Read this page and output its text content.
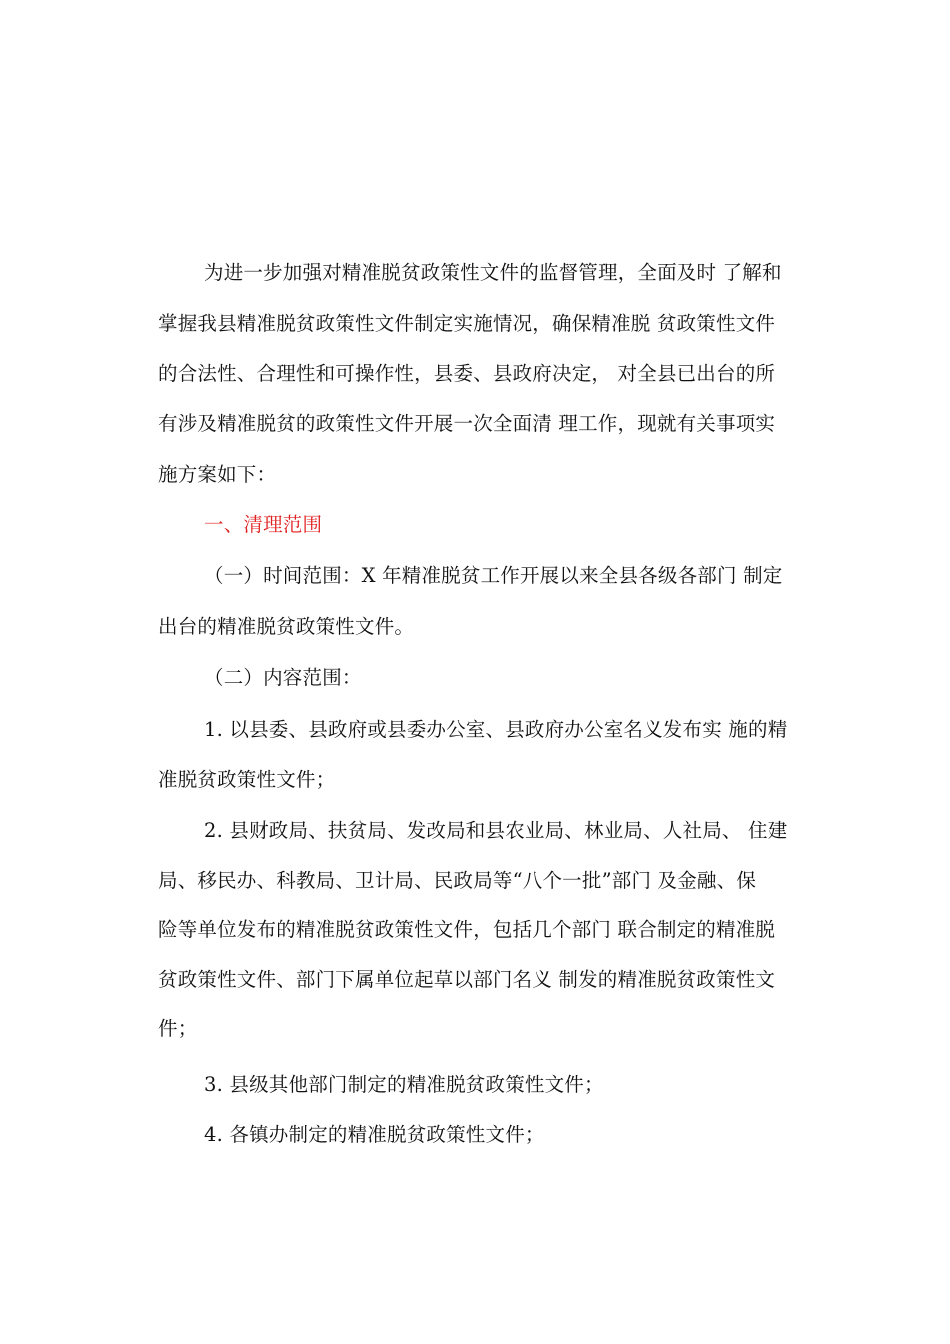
为进一步加强对精准脱贫政策性文件的监督管理，全面及时 了解和
掌握我县精准脱贫政策性文件制定实施情况，确保精准脱 贫政策性文件
的合法性、合理性和可操作性，县委、县政府决定， 对全县已出台的所
有涉及精准脱贫的政策性文件开展一次全面清 理工作，现就有关事项实
施方案如下：
一、清理范围
（一）时间范围：X 年精准脱贫工作开展以来全县各级各部门 制定
出台的精准脱贫政策性文件。
（二）内容范围：
1. 以县委、县政府或县委办公室、县政府办公室名义发布实 施的精
准脱贫政策性文件；
2. 县财政局、扶贫局、发改局和县农业局、林业局、人社局、 住建
局、移民办、科教局、卫计局、民政局等“八个一批”部门 及金融、保
险等单位发布的精准脱贫政策性文件，包括几个部门 联合制定的精准脱
贫政策性文件、部门下属单位起草以部门名义 制发的精准脱贫政策性文
件；
3. 县级其他部门制定的精准脱贫政策性文件；
4. 各镇办制定的精准脱贫政策性文件；
